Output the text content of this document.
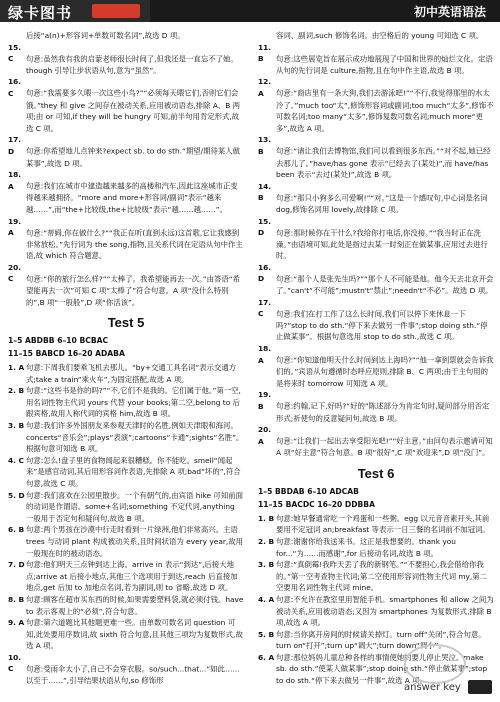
绿卡图书	初中英语语法
后接“a(n)+形容词+单数可数名词”,故选 D 项。
15. C 句意:虽然我有我的启蒙老师很长时间了,但我还是一直忘不了她。though 引导让步状语从句,意为“虽然”。
16. C 句意:“我需要多久喂一次这些小鸟?”“必须每天喂它们,否则它们会饿。”they 和 give 之间存在被动关系,应用被动语态,排除 A、B 两项;由 or 可知,if they will be hungry 可知,前半句用肯定形式,故选 C 项。
17. D 句意:你希望地儿点钟来?expect sb. to do sth.“期望/期待某人做某事”,故选 D 项。
18. A 句意:我们在城市中建造越来越多的高楼和汽车,因此这座城市正变得越来越拥挤。“more and more+形容词/副词”表示“越来越……”,而“the+比较级,the+比较级”表示“越……越……”。
19. A 句意:“蒂姆,你在做什么?”“我正在听(直到永远)这首歌,它让我感到非常放松。”先行词为 the song,指物,且关系代词在定语从句中作主语,故 which 符合题意。
20. C 句意:“你的旅行怎么样?”“太棒了。我希望能再去一次。”由答语“希望能再去一次”可知 C 项“太棒了”符合句意。A 项“没什么特别的”,B 项“一般般”,D 项“你活该”。
Test 5
1–5 ABDBB 6–10 BCBAC
11–15 BABCD 16–20 ADABA
1. A 句意:下周我们要乘飞机去那儿。“by+交通工具名词”表示交通方式;take a train“乘火车”,为固定搭配,故选 A 项。
2. B 句意:“这些书是你的吗?”“不,它们不是我的。它们属于他。”第一空,用名词性物主代词 yours 代替 your books;第二空,belong to 后跟宾格,故用人称代词的宾格 him,故选 B 项。
3. B 句意:我们许多外国朋友来参观天津时的名胜,例如天津眼和海河。concerts“音乐会”;plays“表演”;cartoons“卡通”;sights“名胜”。根据句意可知选 B 项。
4. C 句意:怎么!盘子里的食物闻起来很糟糕。你不能吃。smell“闻起来”是感官动词,其后用形容词作表语,先排除 A 项;bad“坏的”,符合句意,故选 C 项。
5. D句意:我们喜欢在公园里散步。一个有朝气的,由宾语 hike 可知前面的动词是作谓语。some+名词;something 不定代词,anything 一般用于否定句和疑问句,故选 B 项。
6. B 句意:两个男孩在沙漠中行走时看到一片绿洲,他们非常高兴。主语 trees 与动词 plant 构成被动关系,且时间状语为 every year,故用一般现在时的被动语态。
7. D句意:他们明天三点钟到达上海。arrive in 表示“到达”,后接大地点;arrive at 后接小地点,其他三个选项用于到达,reach 后直接加地点,get 后加 to 加地点名词,若为副词,则 to 省略,故选 D 项。
8. B 句意:顾客在超市买东西的时候,如果需要塑料袋,就必须付钱。have to 表示客观上的“必须”,符合句意。
9. A 句意:第六道题比其他题更难一些。由单数可数名词 question 可知,此处要用序数词,故 sixth 符合句意,且其他三项均为复数形式,故选 A 项。
10. C 句意:受雨伞太小了,自己不会穿衣服。so/such...that...“如此……以至于……”,引导结果状语从句,so 修饰形
容词、副词,such 修饰名词。由空格后的 young 可知选 C 项。
11. B 句意:这些展览旨在展示成功地展现了中国和世界的灿烂文化。定语从句的先行词是 culture,指物,且在句中作主语,故选 B 项。
12. A 句意:“商店里有一条大狗,我们去游泳吧!”“不行,我觉得那里的水太冷了。”much too“太”,修饰形容词或副词;too much“太多”,修饰不可数名词;too many“太多”,修饰复数可数名词;much more“更多”,故选 A 项。
13. B 句意:“请让我们去博物馆,我们可以看到很多东西。”“对不起,她已经去那儿了。”have/has gone 表示“已经去了(某处)”,而 have/has been 表示“去过(某处)”,故选 B 项。
14. B 句意:“那只小狗多么可爱啊!”“对。”这是一个感叹句,中心词是名词 dog,修饰名词用 lovely,故排除 C 项。
15. D 句意:那时候你在干什么?我给你打电话,你没接。”“我当时正在洗澡。”由语境可知,此处是指过去某一时刻正在做某事,应用过去进行时。
16. D 句意:“那个人是张先生吗?”“那个人不可能是他。他今天去北京开会了。”can't“不可能”;mustn't“禁止”;needn't“不必”。故选 D 项。
17. C 句意:我们在打工作了这么长时间,我们可以停下来休息一下吗?”stop to do sth.“停下来去做另一件事”;stop doing sth.“停止做某事”。根据句意选用 stop to do sth.,故选 C 项。
18. A 句意:“你知道他明天什么时间到达上海吗?”“他一拿到票就会告诉我们的。”宾语从句遵循时态呼应原则,排除 B、C 两项;由于主句用的是将来时 tomorrow 可知选 A 项。
19. B 句意:约翰,记下,好吗?“好的”陈述部分为肯定句时,疑问部分用否定形式;祈使句的反意疑问句,故选 B 项。
20. A 句意:“让我们一起出去享受阳光吧!”“好主意。”由问句表示邀请可知 A 项“好主意”符合句意。B 项“很好”,C 项“欢迎来”,D 项“没门”。
Test 6
1–5 BBDAB 6–10 ADCAB
11–15 BACDC 16–20 DDBBA
1. B 句意:她早餐通常吃一个鸡蛋和一些粥。egg 以元音音素开头,其前要用不定冠词 an;breakfast 等表示一日三餐的名词前不加冠词。
2. B 句意:谢谢你给我送来书。这正是我想要的。thank you for...“为……而感谢”,for 后接动名词,故选 B 项。
3. B 句意:“真倒霉!我昨天丢了我的新钢笔。”“不要担心,我会借给你我的。”第一空考查物主代词;第二空使用形容词性物主代词 my,第二空要用名词性物主代词 mine。
4. A 句意:不允许在教室里用智能手机。smartphones 和 allow 之间为被动关系,应用被动语态;又因为 smartphones 为复数形式,排除 B 项,故选 A 项。
5. B 句意:当你离开房间的时候请关掉灯。turn off“关闭”,符合句意。turn on“打开”;turn up“调大”;turn down“调小”。
6. A 句意:那位妈妈儿童总种各样的事情使她的要儿停止哭泣。make sb. do sth.“使某人做某事”;stop doing sth.“停止做某事”;stop to do sth.“停下来去做另一件事”,故选 A 项。
answer key
